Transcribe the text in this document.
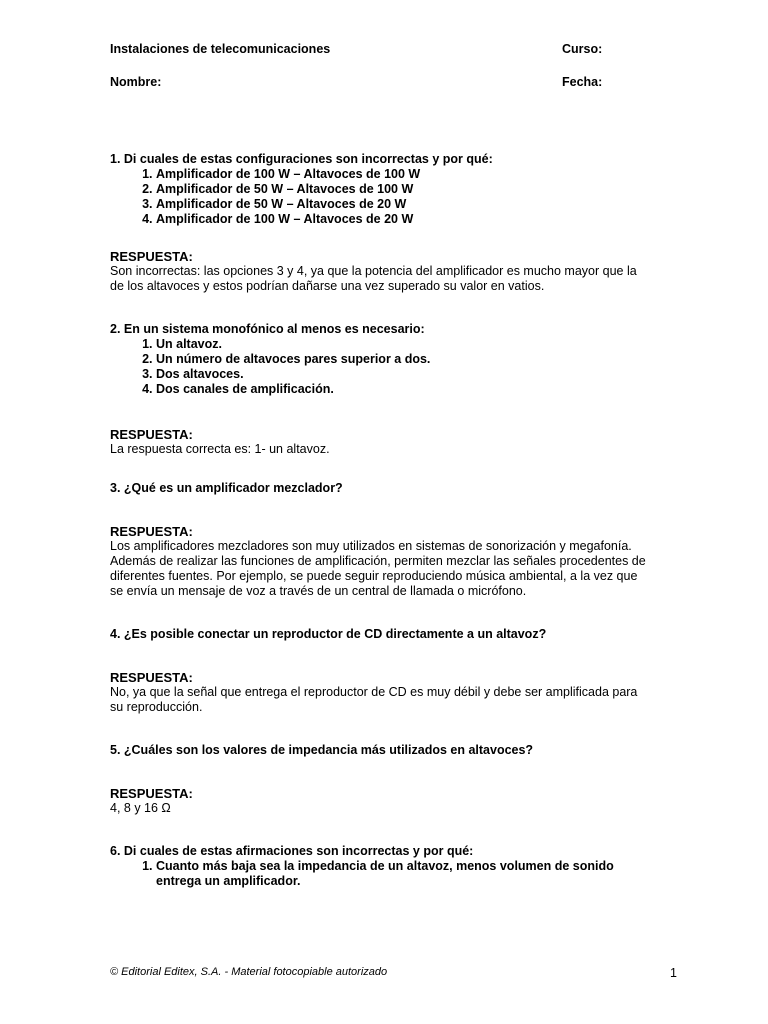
Instalaciones de telecomunicaciones	Curso:
Nombre:	Fecha:

1. Di cuales de estas configuraciones son incorrectas y por qué:

1. Amplificador de 100 W – Altavoces de 100 W
2. Amplificador de 50 W – Altavoces de 100 W
3. Amplificador de 50 W – Altavoces de 20 W
4. Amplificador de 100 W – Altavoces de 20 W

RESPUESTA:

Son incorrectas: las opciones 3 y 4, ya que la potencia del amplificador es mucho mayor que la de los altavoces y estos podrían dañarse una vez superado su valor en vatios.

2. En un sistema monofónico al menos es necesario:

1. Un altavoz.
2. Un número de altavoces pares superior a dos.
3. Dos altavoces.
4. Dos canales de amplificación.

RESPUESTA:

La respuesta correcta es: 1- un altavoz.

3. ¿Qué es un amplificador mezclador?

RESPUESTA:

Los amplificadores mezcladores son muy utilizados en sistemas de sonorización y megafonía. Además de realizar las funciones de amplificación, permiten mezclar las señales procedentes de diferentes fuentes. Por ejemplo, se puede seguir reproduciendo música ambiental, a la vez que se envía un mensaje de voz a través de un central de llamada o micrófono.

4. ¿Es posible conectar un reproductor de CD directamente a un altavoz?

RESPUESTA:

No, ya que la señal que entrega el reproductor de CD es muy débil y debe ser amplificada para su reproducción.

5. ¿Cuáles son los valores de impedancia más utilizados en altavoces?

RESPUESTA:

4, 8 y 16 Ω

6. Di cuales de estas afirmaciones son incorrectas y por qué:

1. Cuanto más baja sea la impedancia de un altavoz, menos volumen de sonido entrega un amplificador.
© Editorial Editex, S.A. - Material fotocopiable autorizado	1
